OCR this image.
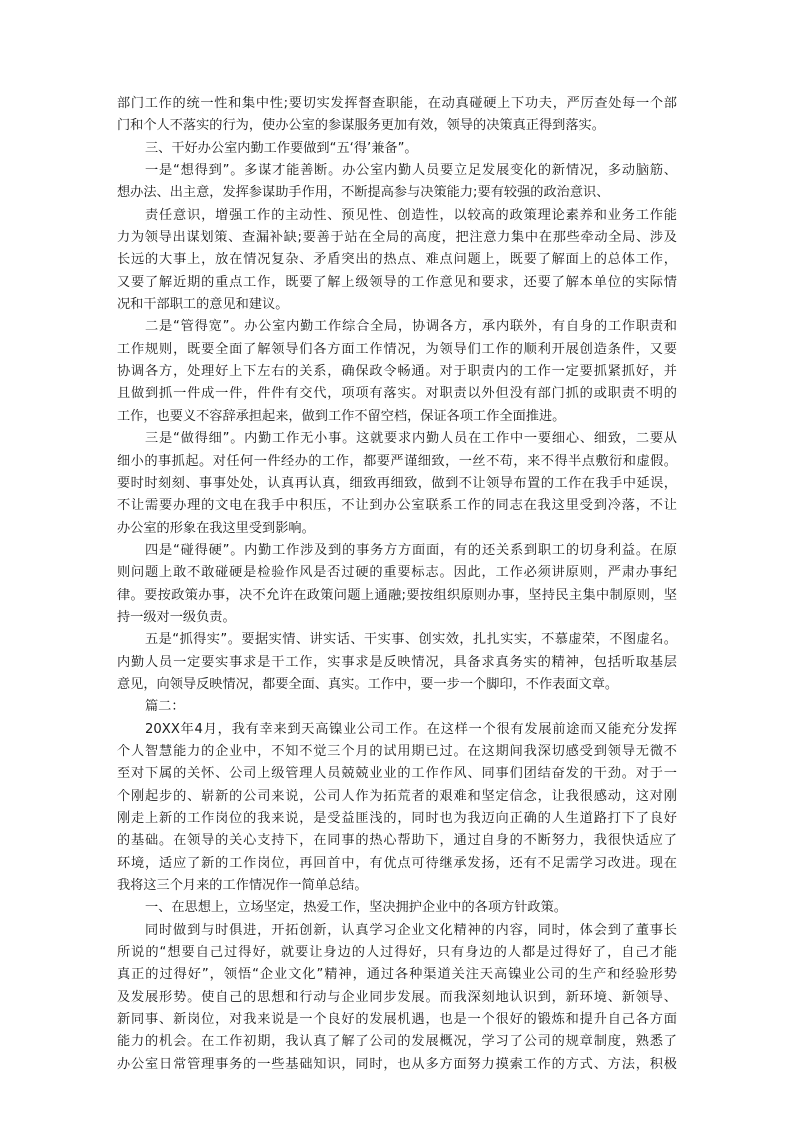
部门工作的统一性和集中性;要切实发挥督查职能，在动真碰硬上下功夫，严厉查处每一个部
门和个人不落实的行为，使办公室的参谋服务更加有效，领导的决策真正得到落实。
三、干好办公室内勤工作要做到“五‘得’兼备”。
一是“想得到”。多谋才能善断。办公室内勤人员要立足发展变化的新情况，多动脑筋、
想办法、出主意，发挥参谋助手作用，不断提高参与决策能力;要有较强的政治意识、
责任意识，增强工作的主动性、预见性、创造性，以较高的政策理论素养和业务工作能
力为领导出谋划策、查漏补缺;要善于站在全局的高度，把注意力集中在那些牵动全局、涉及
长远的大事上，放在情况复杂、矛盾突出的热点、难点问题上，既要了解面上的总体工作，
又要了解近期的重点工作，既要了解上级领导的工作意见和要求，还要了解本单位的实际情
况和干部职工的意见和建议。
二是“管得宽”。办公室内勤工作综合全局，协调各方，承内联外，有自身的工作职责和
工作规则，既要全面了解领导们各方面工作情况，为领导们工作的顺利开展创造条件，又要
协调各方，处理好上下左右的关系，确保政令畅通。对于职责内的工作一定要抓紧抓好，并
且做到抓一件成一件，件件有交代，项项有落实。对职责以外但没有部门抓的或职责不明的
工作，也要义不容辞承担起来，做到工作不留空档，保证各项工作全面推进。
三是“做得细”。内勤工作无小事。这就要求内勤人员在工作中一要细心、细致，二要从
细小的事抓起。对任何一件经办的工作，都要严谨细致，一丝不苟，来不得半点敷衍和虚假。
要时时刻刻、事事处处，认真再认真，细致再细致，做到不让领导布置的工作在我手中延误，
不让需要办理的文电在我手中积压，不让到办公室联系工作的同志在我这里受到冷落，不让
办公室的形象在我这里受到影响。
四是“碰得硬”。内勤工作涉及到的事务方方面面，有的还关系到职工的切身利益。在原
则问题上敢不敢碰硬是检验作风是否过硬的重要标志。因此，工作必须讲原则，严肃办事纪
律。要按政策办事，决不允许在政策问题上通融;要按组织原则办事，坚持民主集中制原则，坚
持一级对一级负责。
五是“抓得实”。要据实情、讲实话、干实事、创实效，扎扎实实，不慕虚荣，不图虚名。
内勤人员一定要实事求是干工作，实事求是反映情况，具备求真务实的精神，包括听取基层
意见，向领导反映情况，都要全面、真实。工作中，要一步一个脚印，不作表面文章。
篇二：
20XX年4月，我有幸来到天高镍业公司工作。在这样一个很有发展前途而又能充分发挥
个人智慧能力的企业中，不知不觉三个月的试用期已过。在这期间我深切感受到领导无微不
至对下属的关怀、公司上级管理人员兢兢业业的工作作风、同事们团结奋发的干劲。对于一
个刚起步的、崭新的公司来说，公司人作为拓荒者的艰难和坚定信念，让我很感动，这对刚
刚走上新的工作岗位的我来说，是受益匪浅的，同时也为我迈向正确的人生道路打下了良好
的基础。在领导的关心支持下，在同事的热心帮助下，通过自身的不断努力，我很快适应了
环境，适应了新的工作岗位，再回首中，有优点可待继承发扬，还有不足需学习改进。现在
我将这三个月来的工作情况作一简单总结。
一、在思想上，立场坚定，热爱工作，坚决拥护企业中的各项方针政策。
同时做到与时俱进，开拓创新，认真学习企业文化精神的内容，同时，体会到了董事长
所说的“想要自己过得好，就要让身边的人过得好，只有身边的人都是过得好了，自己才能
真正的过得好”，领悟“企业文化”精神，通过各种渠道关注天高镍业公司的生产和经验形势
及发展形势。使自己的思想和行动与企业同步发展。而我深刻地认识到，新环境、新领导、
新同事、新岗位，对我来说是一个良好的发展机遇，也是一个很好的锻炼和提升自己各方面
能力的机会。在工作初期，我认真了解了公司的发展概况，学习了公司的规章制度，熟悉了
办公室日常管理事务的一些基础知识，同时，也从多方面努力摸索工作的方式、方法，积极
